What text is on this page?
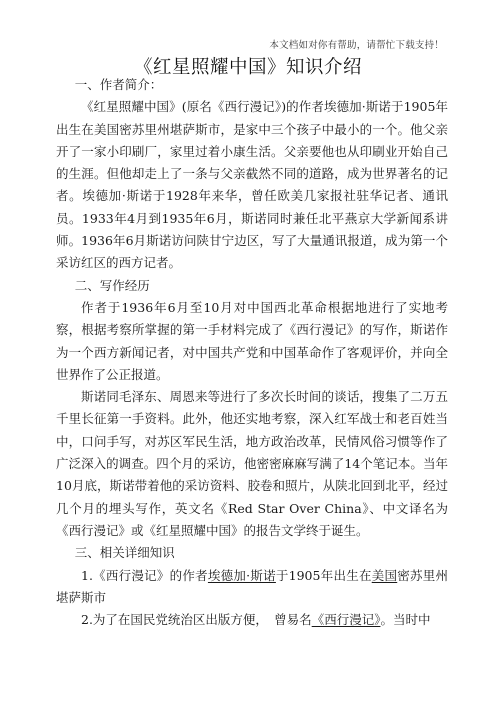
本文档如对你有帮助，请帮忙下载支持！
《红星照耀中国》知识介绍

一、作者简介：

《红星照耀中国》(原名《西行漫记》)的作者埃德加·斯诺于1905年出生在美国密苏里州堪萨斯市，是家中三个孩子中最小的一个。他父亲开了一家小印刷厂，家里过着小康生活。父亲要他也从印刷业开始自己的生涯。但他却走上了一条与父亲截然不同的道路，成为世界著名的记者。埃德加·斯诺于1928年来华，曾任欧美几家报社驻华记者、通讯员。1933年4月到1935年6月，斯诺同时兼任北平燕京大学新闻系讲师。1936年6月斯诺访问陕甘宁边区，写了大量通讯报道，成为第一个采访红区的西方记者。

二、写作经历

作者于1936年6月至10月对中国西北革命根据地进行了实地考察，根据考察所掌握的第一手材料完成了《西行漫记》的写作，斯诺作为一个西方新闻记者，对中国共产党和中国革命作了客观评价，并向全世界作了公正报道。

斯诺同毛泽东、周恩来等进行了多次长时间的谈话，搜集了二万五千里长征第一手资料。此外，他还实地考察，深入红军战士和老百姓当中，口问手写，对苏区军民生活，地方政治改革，民情风俗习惯等作了广泛深入的调查。四个月的采访，他密密麻麻写满了14个笔记本。当年10月底，斯诺带着他的采访资料、胶卷和照片，从陕北回到北平，经过几个月的埋头写作，英文名《Red Star Over China》、中文译名为《西行漫记》或《红星照耀中国》的报告文学终于诞生。

三、相关详细知识

1.《西行漫记》的作者埃德加·斯诺于1905年出生在美国密苏里州堪萨斯市

2.为了在国民党统治区出版方便，　曾易名《西行漫记》。当时中
